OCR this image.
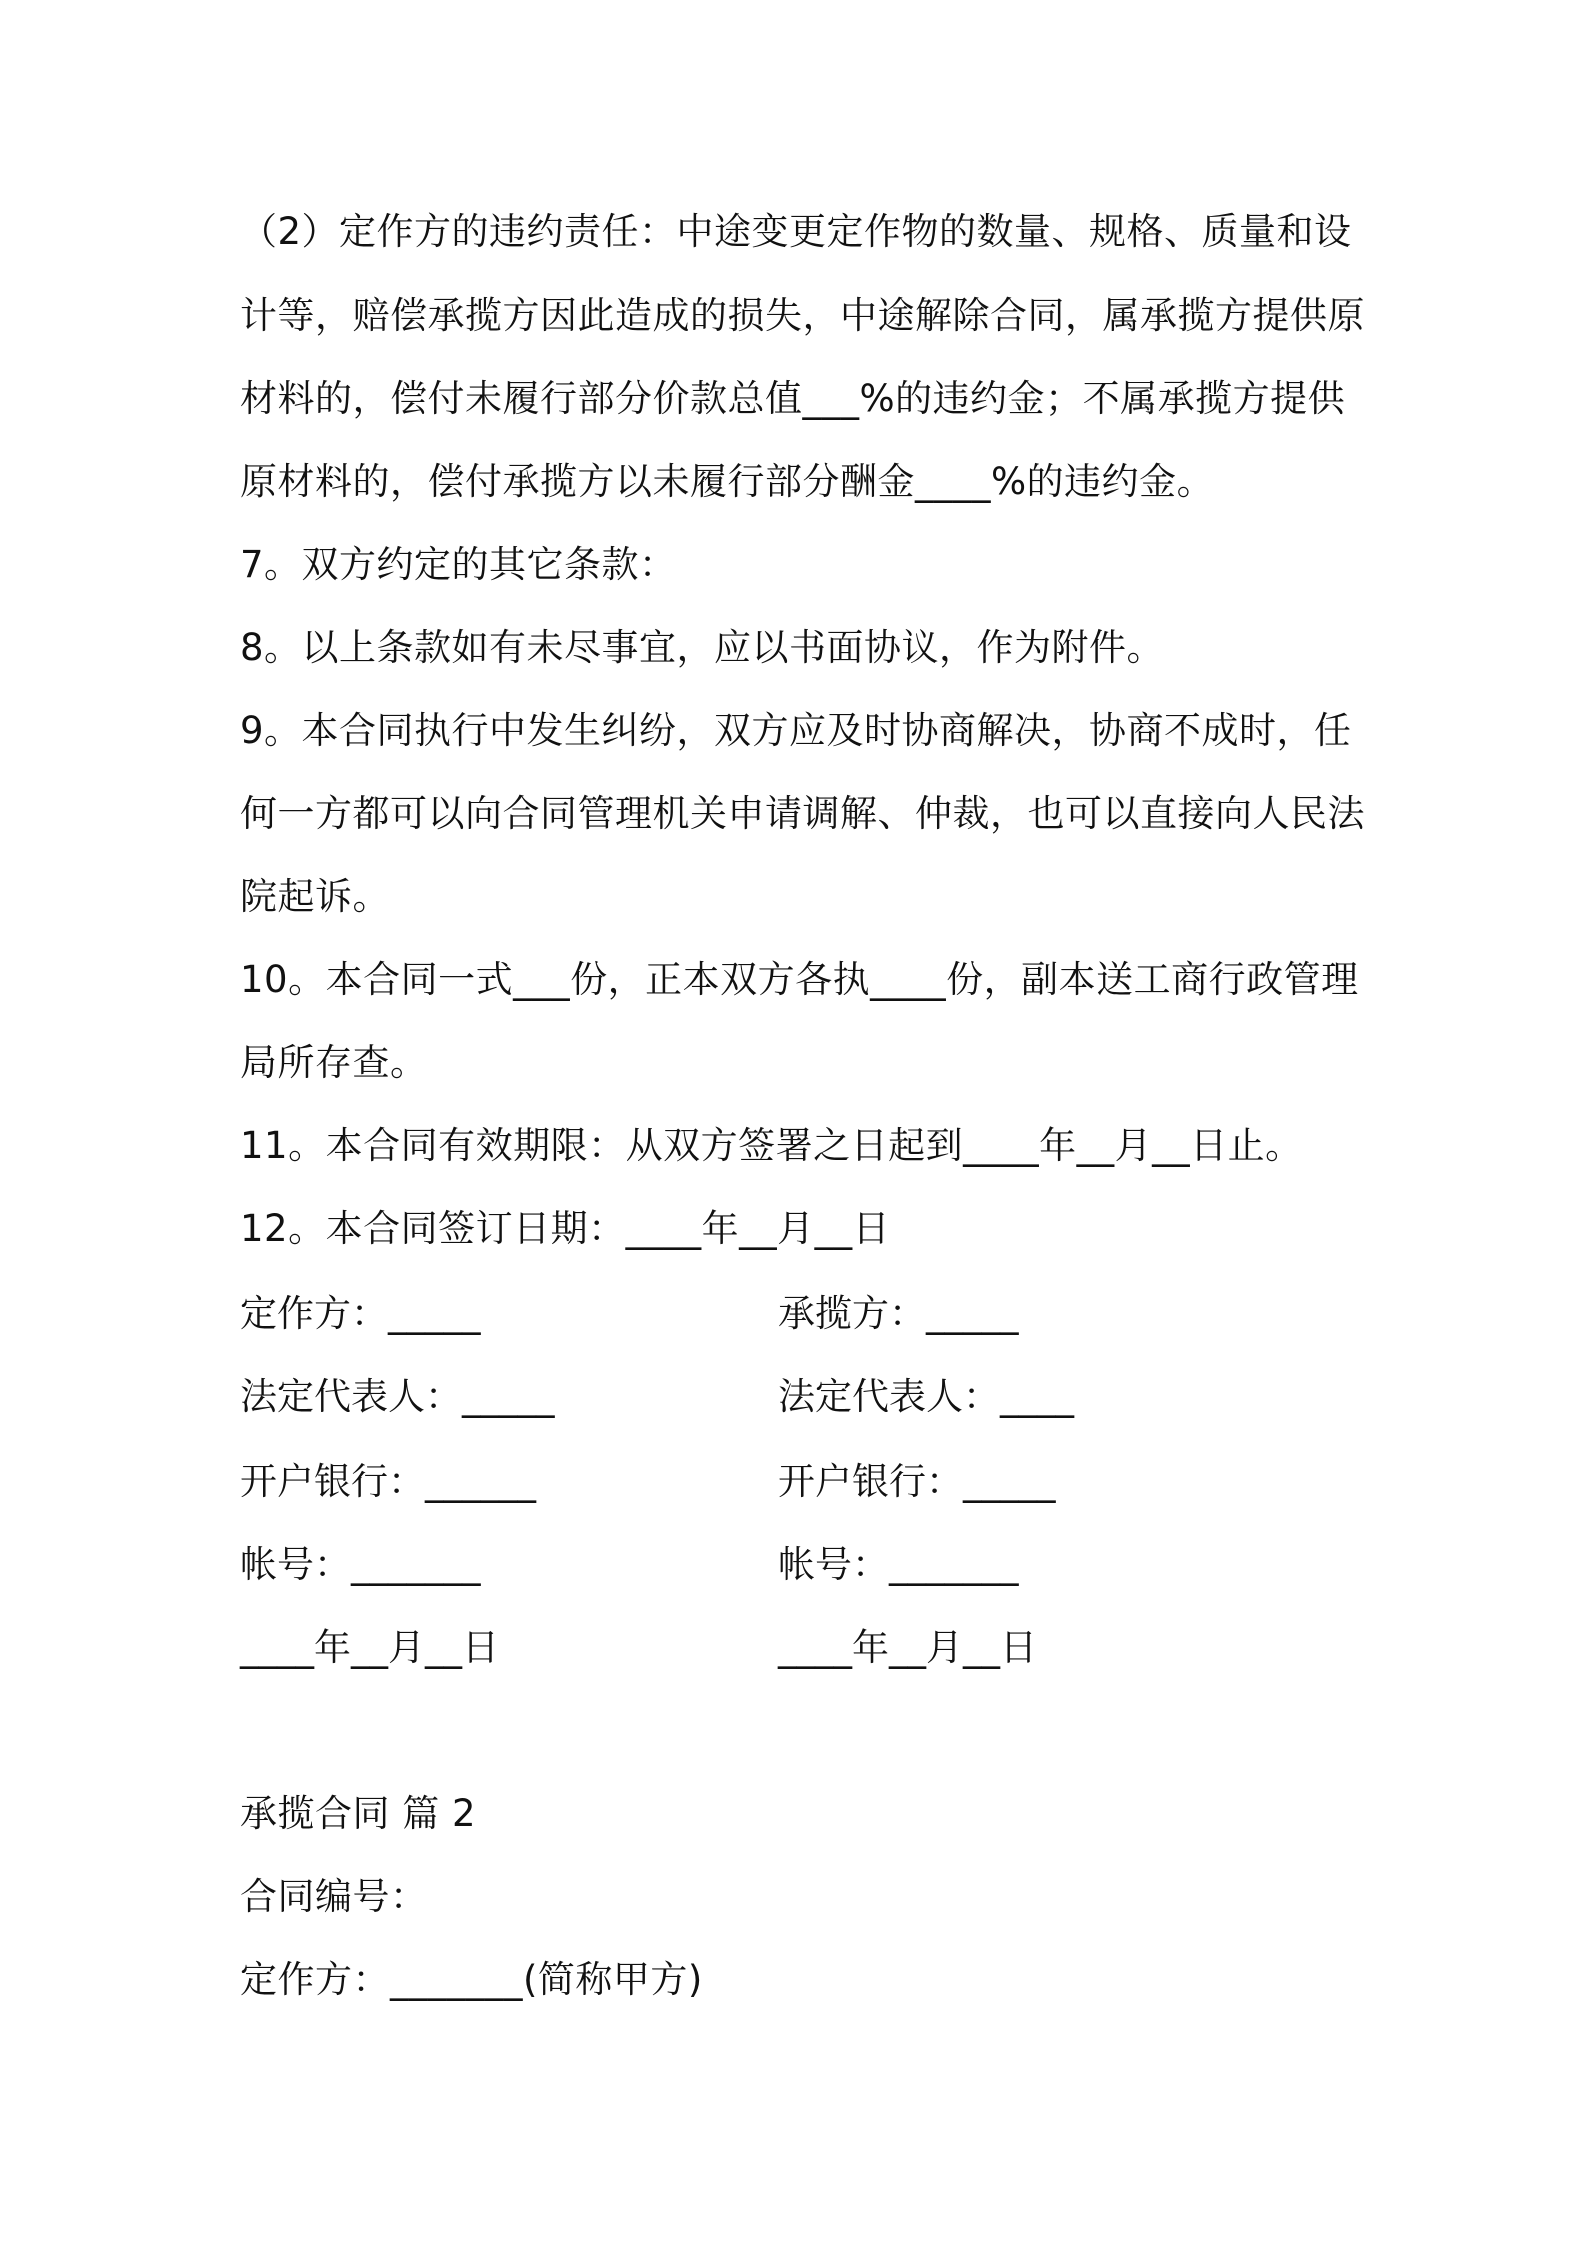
（2）定作方的违约责任：中途变更定作物的数量、规格、质量和设
计等，赔偿承揽方因此造成的损失，中途解除合同，属承揽方提供原
材料的，偿付未履行部分价款总值___%的违约金；不属承揽方提供
原材料的，偿付承揽方以未履行部分酬金____%的违约金。
7。双方约定的其它条款：
8。以上条款如有未尽事宜，应以书面协议，作为附件。
9。本合同执行中发生纠纷，双方应及时协商解决，协商不成时，任
何一方都可以向合同管理机关申请调解、仲裁，也可以直接向人民法
院起诉。
10。本合同一式___份，正本双方各执____份，副本送工商行政管理
局所存查。
11。本合同有效期限：从双方签署之日起到____年__月__日止。
12。本合同签订日期：____年__月__日
定作方：_____	承揽方：_____
法定代表人：_____	法定代表人：____
开户银行：______	开户银行：_____
帐号：_______	帐号：_______
____年__月__日	____年__月__日
承揽合同 篇 2
合同编号：
定作方：_______(简称甲方)
